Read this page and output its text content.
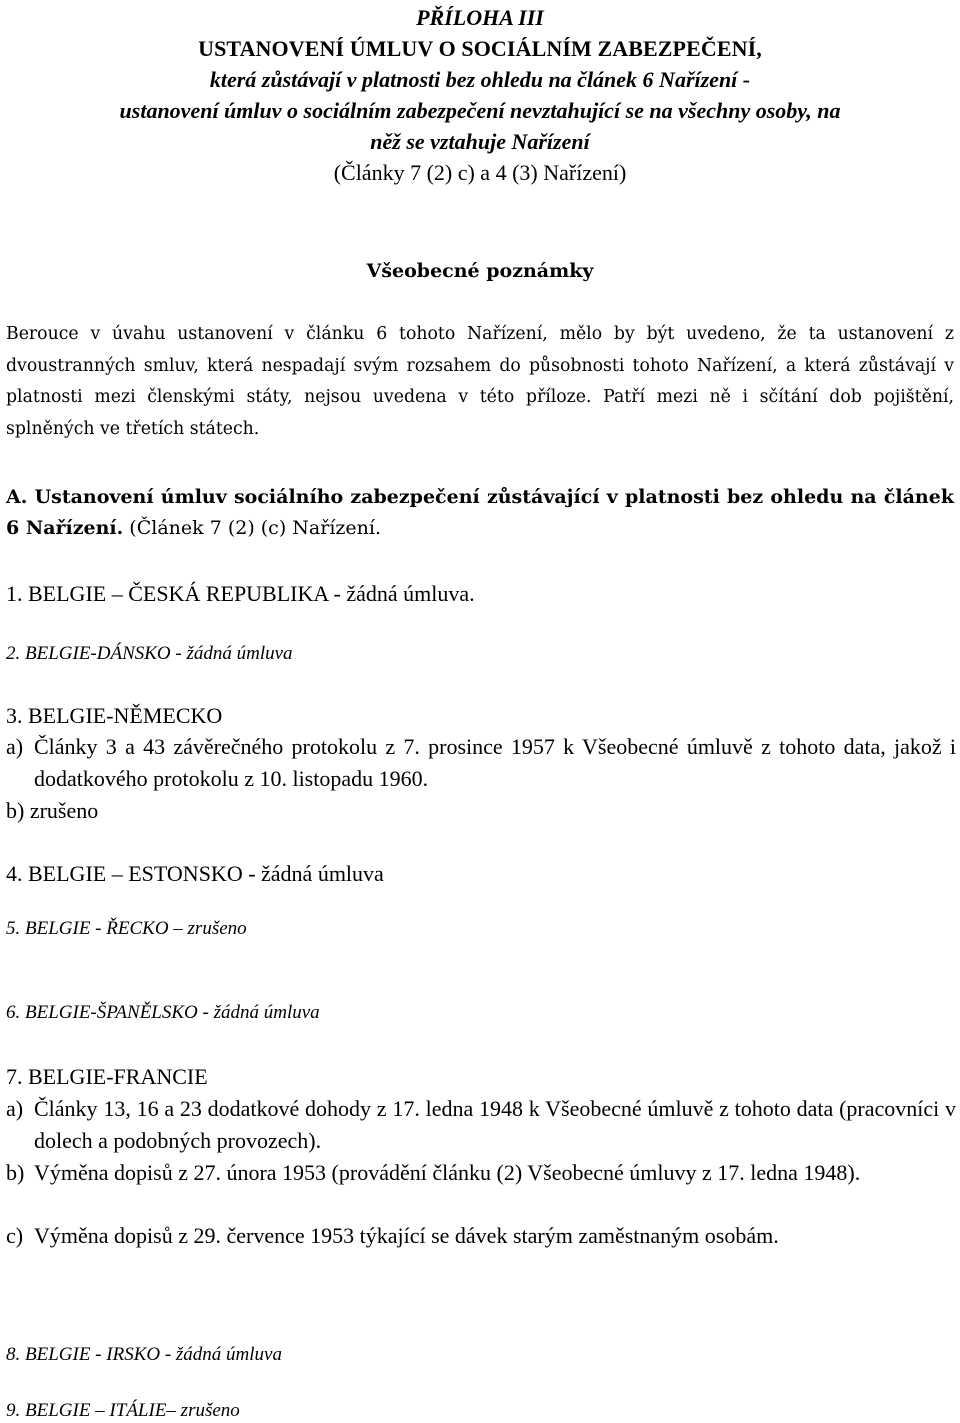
PŘÍLOHA III
USTANOVENÍ ÚMLUV O SOCIÁLNÍM ZABEZPEČENÍ,
která zůstávají v platnosti bez ohledu na článek 6 Nařízení -
ustanovení úmluv o sociálním zabezpečení nevztahující se na všechny osoby, na
něž se vztahuje Nařízení
(Články 7 (2) c) a 4 (3) Nařízení)
Všeobecné poznámky
Berouce v úvahu ustanovení v článku 6 tohoto Nařízení, mělo by být uvedeno, že ta ustanovení z dvoustranných smluv, která nespadají svým rozsahem do působnosti tohoto Nařízení, a která zůstávají v platnosti mezi členskými státy, nejsou uvedena v této příloze. Patří mezi ně i sčítání dob pojištění, splněných ve třetích státech.
A. Ustanovení úmluv sociálního zabezpečení zůstávající v platnosti bez ohledu na článek 6 Nařízení. (Článek 7 (2) (c) Nařízení.
1. BELGIE – ČESKÁ REPUBLIKA - žádná úmluva.
2. BELGIE-DÁNSKO - žádná úmluva
3. BELGIE-NĚMECKO
a) Články 3 a 43 závěrečného protokolu z 7. prosince 1957 k Všeobecné úmluvě z tohoto data, jakož i dodatkového protokolu z 10. listopadu 1960.
b) zrušeno
4. BELGIE – ESTONSKO - žádná úmluva
5. BELGIE - ŘECKO – zrušeno
6. BELGIE-ŠPANĚLSKO - žádná úmluva
7. BELGIE-FRANCIE
a) Články 13, 16 a 23 dodatkové dohody z 17. ledna 1948 k Všeobecné úmluvě z tohoto data (pracovníci v dolech a podobných provozech).
b) Výměna dopisů z 27. února 1953 (provádění článku (2) Všeobecné úmluvy z 17. ledna 1948).
c) Výměna dopisů z 29. července 1953 týkající se dávek starým zaměstnaným osobám.
8. BELGIE - IRSKO - žádná úmluva
9. BELGIE – ITÁLIE– zrušeno
